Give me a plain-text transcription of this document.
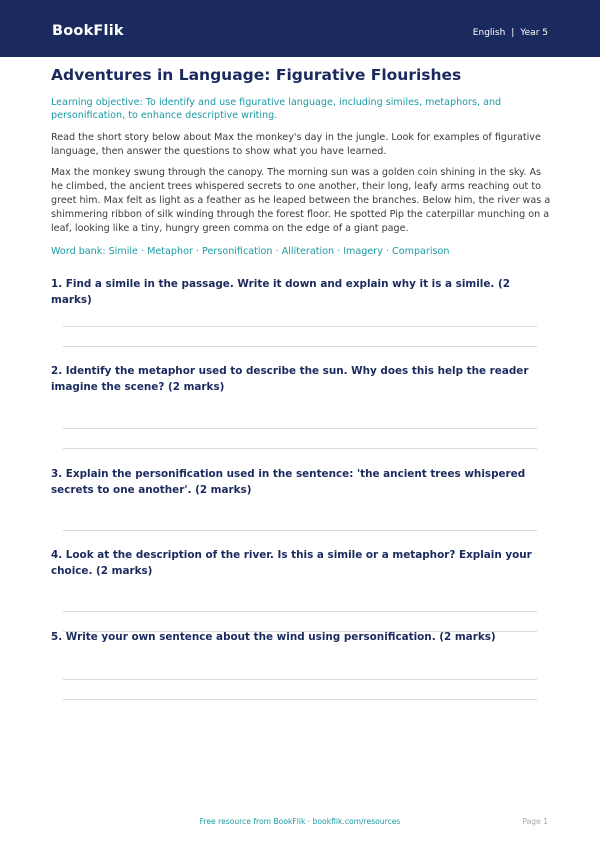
BookFlik	English | Year 5
Adventures in Language: Figurative Flourishes
Learning objective: To identify and use figurative language, including similes, metaphors, and personification, to enhance descriptive writing.

Read the short story below about Max the monkey's day in the jungle. Look for examples of figurative language, then answer the questions to show what you have learned.

Max the monkey swung through the canopy. The morning sun was a golden coin shining in the sky. As he climbed, the ancient trees whispered secrets to one another, their long, leafy arms reaching out to greet him. Max felt as light as a feather as he leaped between the branches. Below him, the river was a shimmering ribbon of silk winding through the forest floor. He spotted Pip the caterpillar munching on a leaf, looking like a tiny, hungry green comma on the edge of a giant page.

Word bank: Simile · Metaphor · Personification · Alliteration · Imagery · Comparison

1. Find a simile in the passage. Write it down and explain why it is a simile. (2 marks)

2. Identify the metaphor used to describe the sun. Why does this help the reader imagine the scene? (2 marks)

3. Explain the personification used in the sentence: 'the ancient trees whispered secrets to one another'. (2 marks)

4. Look at the description of the river. Is this a simile or a metaphor? Explain your choice. (2 marks)

5. Write your own sentence about the wind using personification. (2 marks)

Free resource from BookFlik · bookflik.com/resources	Page 1
